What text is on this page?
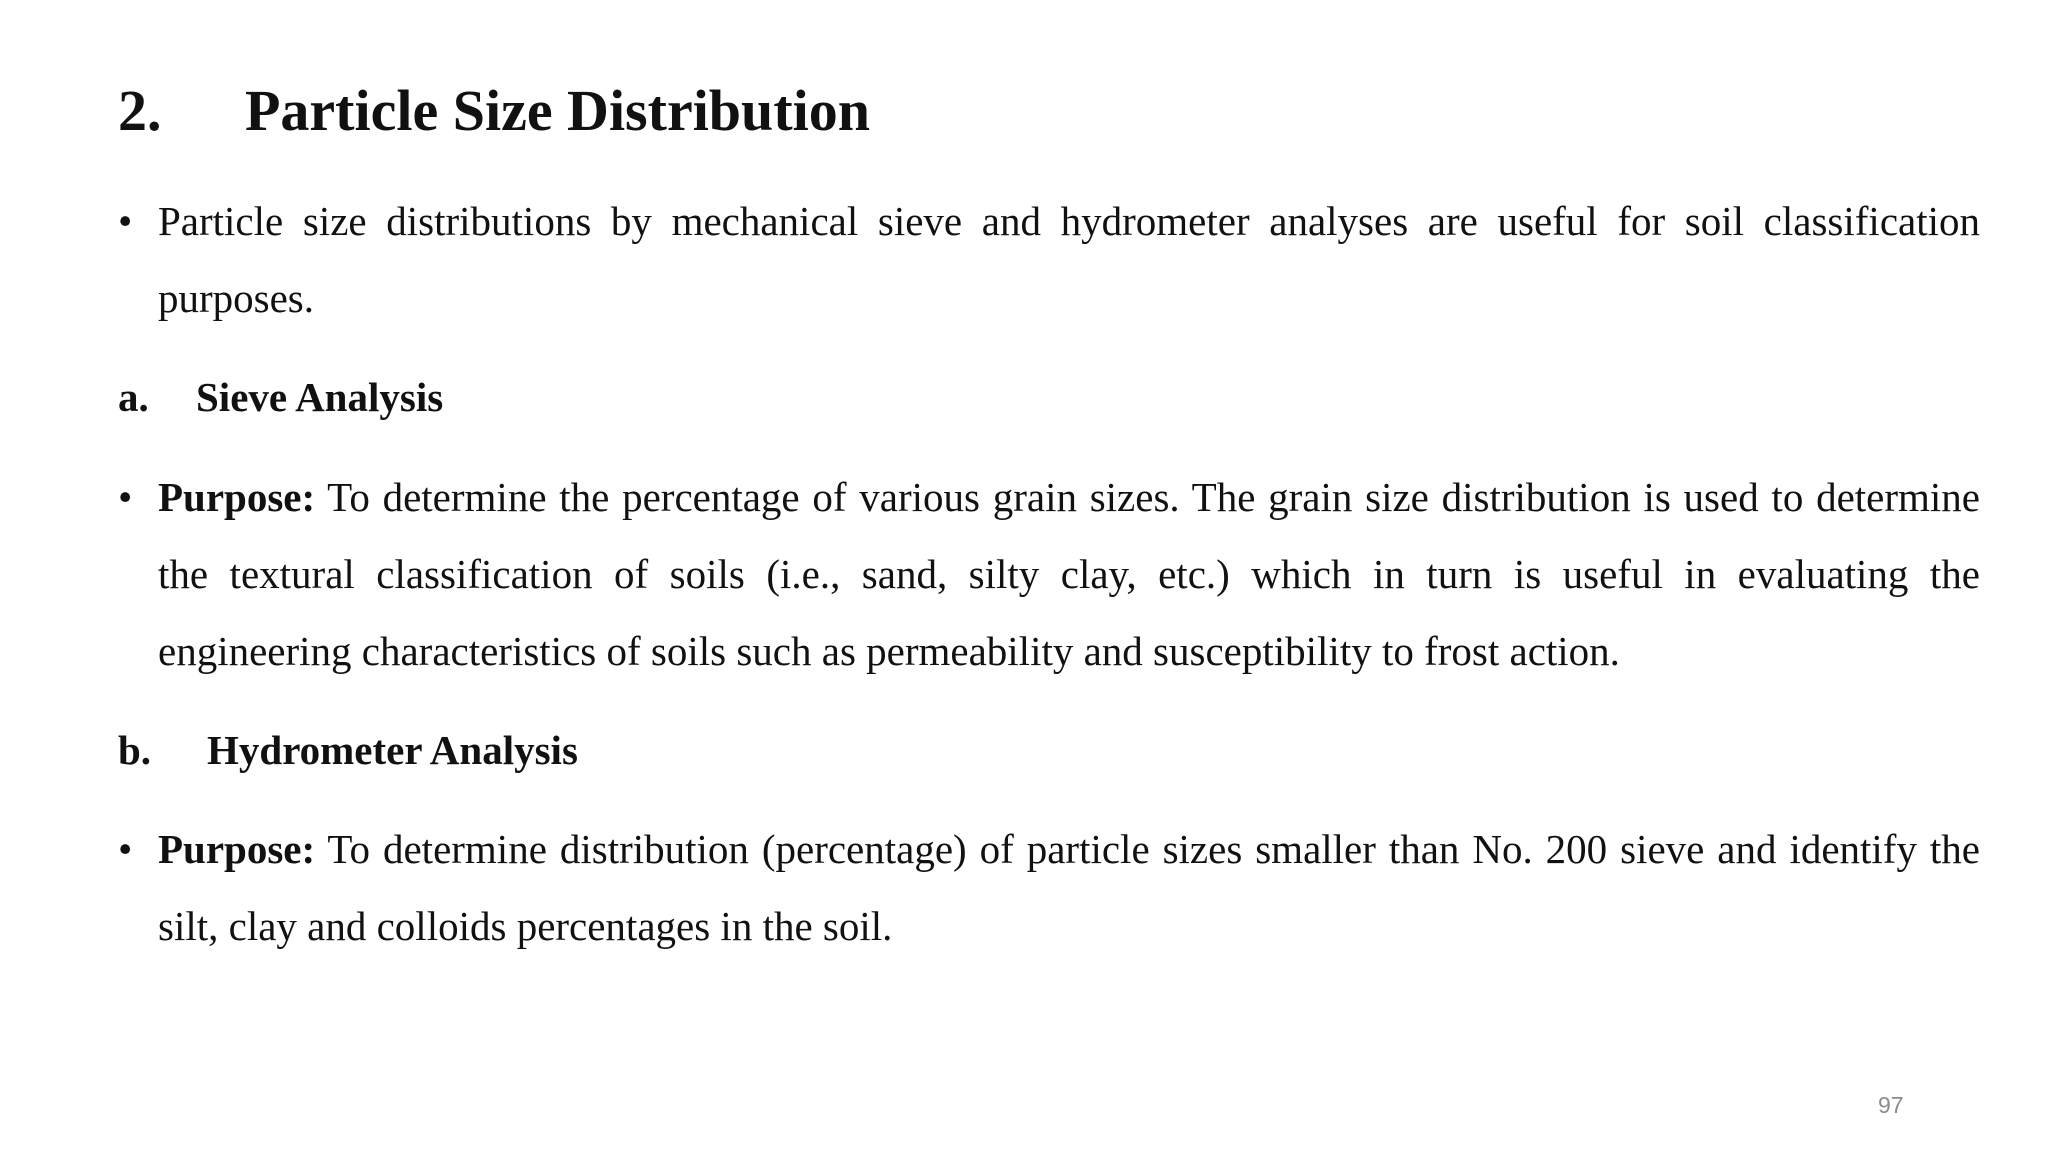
2. Particle Size Distribution
• Particle size distributions by mechanical sieve and hydrometer analyses are useful for soil classification purposes.
a. Sieve Analysis
• Purpose: To determine the percentage of various grain sizes. The grain size distribution is used to determine the textural classification of soils (i.e., sand, silty clay, etc.) which in turn is useful in evaluating the engineering characteristics of soils such as permeability and susceptibility to frost action.
b. Hydrometer Analysis
• Purpose: To determine distribution (percentage) of particle sizes smaller than No. 200 sieve and identify the silt, clay and colloids percentages in the soil.
97
